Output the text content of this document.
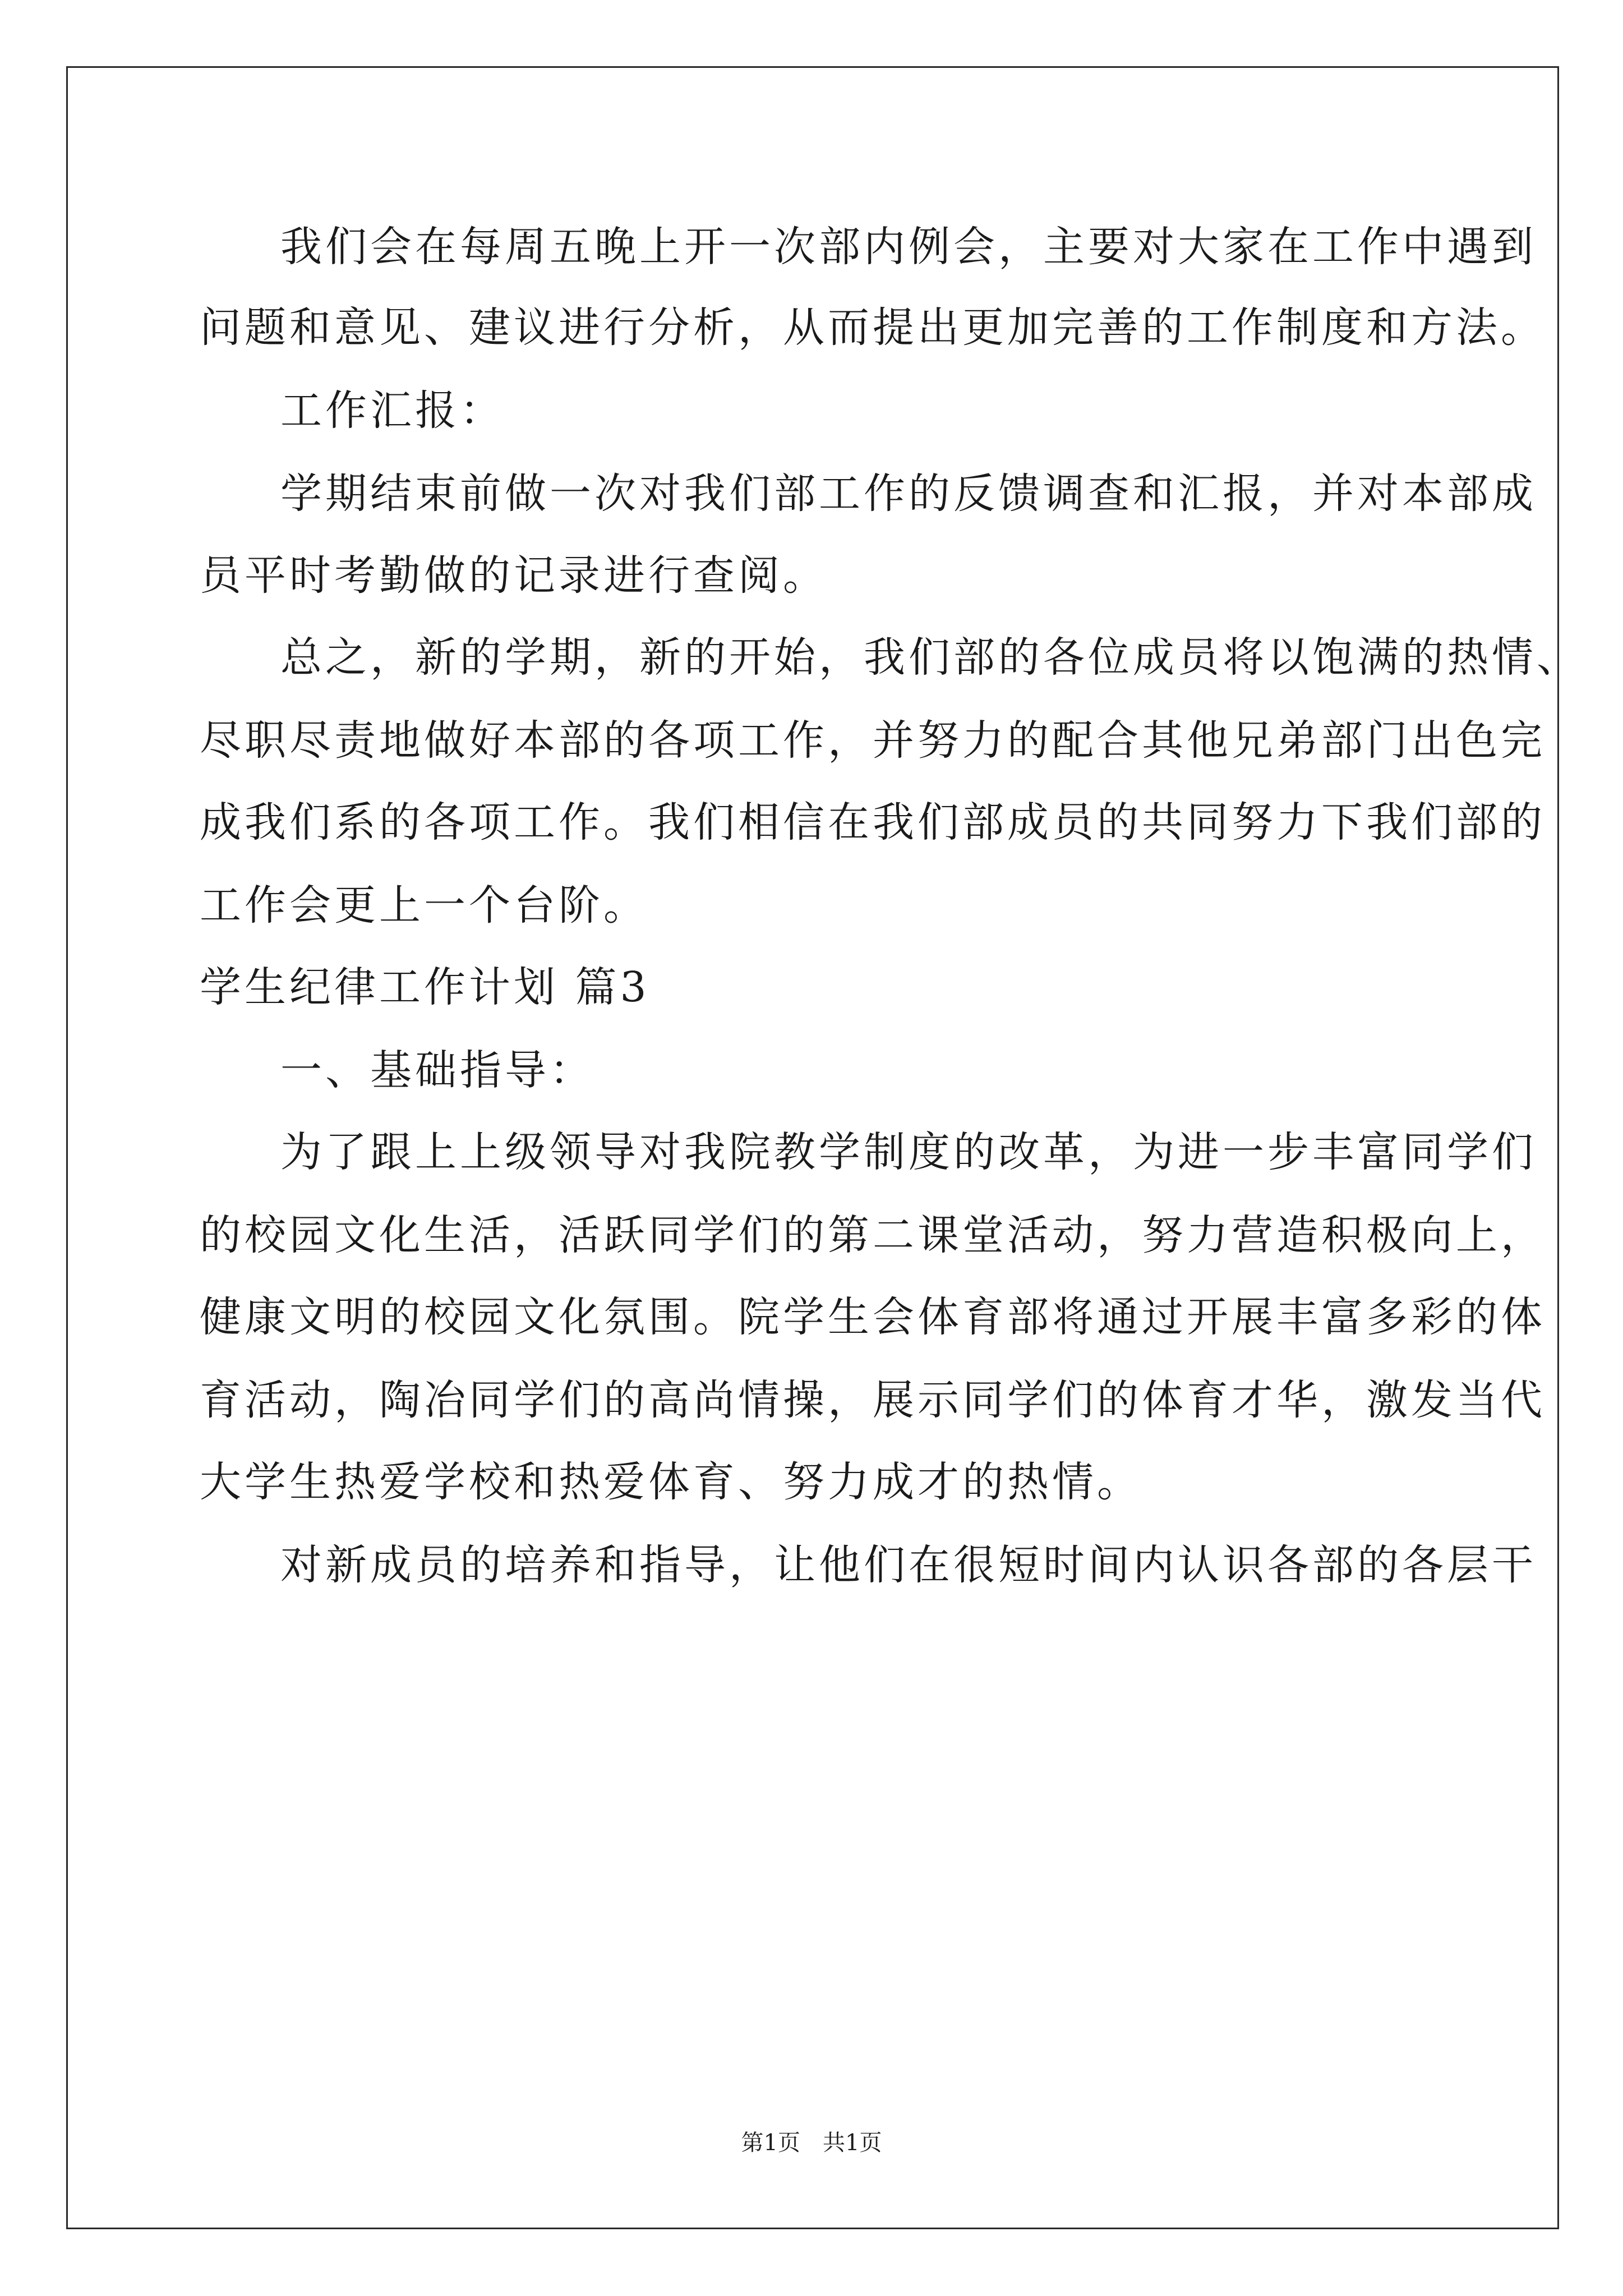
我们会在每周五晚上开一次部内例会，主要对大家在工作中遇到
问题和意见、建议进行分析，从而提出更加完善的工作制度和方法。
工作汇报：
学期结束前做一次对我们部工作的反馈调查和汇报，并对本部成
员平时考勤做的记录进行查阅。
总之，新的学期，新的开始，我们部的各位成员将以饱满的热情、
尽职尽责地做好本部的各项工作，并努力的配合其他兄弟部门出色完
成我们系的各项工作。我们相信在我们部成员的共同努力下我们部的
工作会更上一个台阶。
学生纪律工作计划 篇3
一、基础指导：
为了跟上上级领导对我院教学制度的改革，为进一步丰富同学们
的校园文化生活，活跃同学们的第二课堂活动，努力营造积极向上，
健康文明的校园文化氛围。院学生会体育部将通过开展丰富多彩的体
育活动，陶冶同学们的高尚情操，展示同学们的体育才华，激发当代
大学生热爱学校和热爱体育、努力成才的热情。
对新成员的培养和指导，让他们在很短时间内认识各部的各层干
第1页　共1页
